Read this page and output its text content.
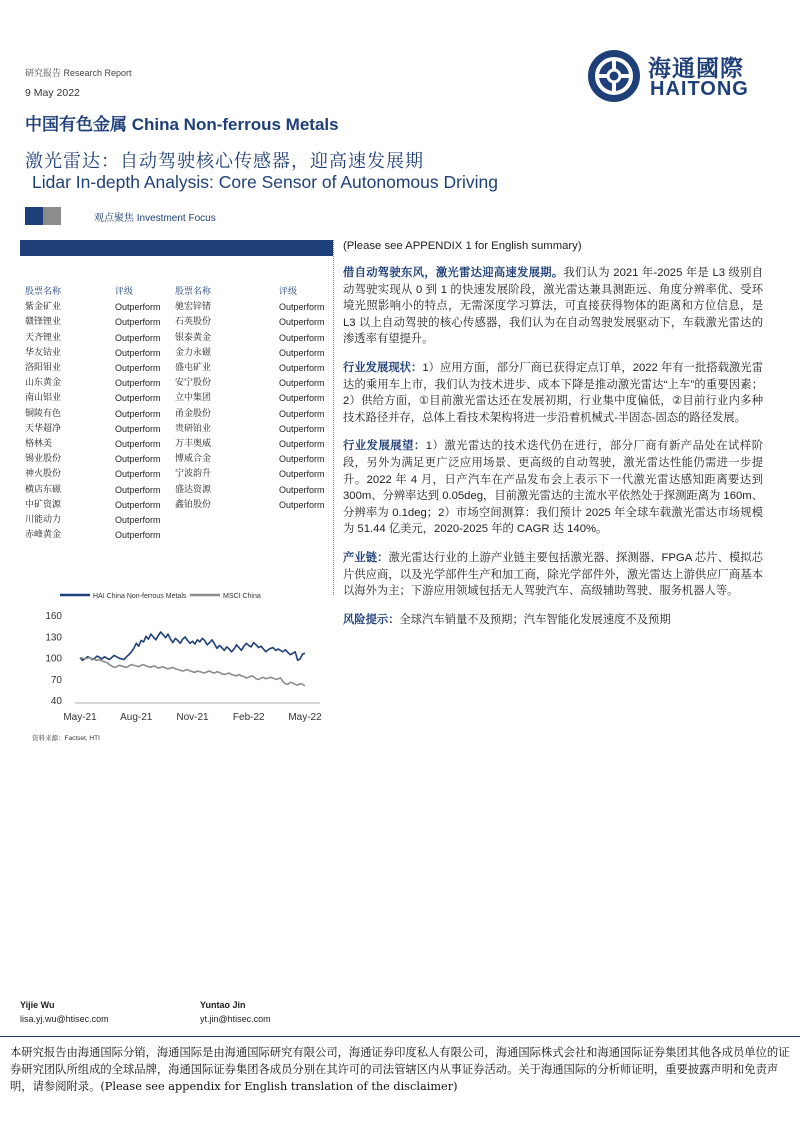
研究报告 Research Report
9 May 2022
中国有色金属 China Non-ferrous Metals
激光雷达：自动驾驶核心传感器，迎高速发展期
Lidar In-depth Analysis: Core Sensor of Autonomous Driving
海通國際
HAITONG
观点聚焦 Investment Focus
股票名称	评级
紫金矿业	Outperform
赣锋锂业	Outperform
天齐锂业	Outperform
华友钴业	Outperform
洛阳钼业	Outperform
山东黄金	Outperform
南山铝业	Outperform
铜陵有色	Outperform
天华超净	Outperform
格林美	Outperform
锡业股份	Outperform
神火股份	Outperform
横店东磁	Outperform
中矿资源	Outperform
川能动力	Outperform
赤峰黄金	Outperform
股票名称	评级
驰宏锌锗	Outperform
石英股份	Outperform
银泰黄金	Outperform
金力永磁	Outperform
盛屯矿业	Outperform
安宁股份	Outperform
立中集团	Outperform
甬金股份	Outperform
贵研铂业	Outperform
万丰奥威	Outperform
博威合金	Outperform
宁波韵升	Outperform
盛达资源	Outperform
鑫铂股份	Outperform
HAI China Non-ferrous Metals	MSCI China
160
130
100
70
40
May-21 Aug-21 Nov-21 Feb-22 May-22
资料来源：Factset, HTI
(Please see APPENDIX 1 for English summary)
借自动驾驶东风，激光雷达迎高速发展期。我们认为 2021 年-2025 年是 L3 级别自动驾驶实现从 0 到 1 的快速发展阶段，激光雷达兼具测距远、角度分辨率优、受环境光照影响小的特点，无需深度学习算法，可直接获得物体的距离和方位信息，是 L3 以上自动驾驶的核心传感器，我们认为在自动驾驶发展驱动下，车载激光雷达的渗透率有望提升。
行业发展现状：1）应用方面，部分厂商已获得定点订单，2022 年有一批搭载激光雷达的乘用车上市，我们认为技术进步、成本下降是推动激光雷达“上车”的重要因素；2）供给方面，①目前激光雷达还在发展初期，行业集中度偏低，②目前行业内多种技术路径并存，总体上看技术架构将进一步沿着机械式-半固态-固态的路径发展。
行业发展展望：1）激光雷达的技术迭代仍在进行，部分厂商有新产品处在试样阶段，另外为满足更广泛应用场景、更高级的自动驾驶，激光雷达性能仍需进一步提升。2022 年 4 月，日产汽车在产品发布会上表示下一代激光雷达感知距离要达到 300m、分辨率达到 0.05deg，目前激光雷达的主流水平依然处于探测距离为 160m、分辨率为 0.1deg；2）市场空间测算：我们预计 2025 年全球车载激光雷达市场规模为 51.44 亿美元，2020-2025 年的 CAGR 达 140%。
产业链：激光雷达行业的上游产业链主要包括激光器、探测器、FPGA 芯片、模拟芯片供应商，以及光学部件生产和加工商，除光学部件外，激光雷达上游供应厂商基本以海外为主；下游应用领域包括无人驾驶汽车、高级辅助驾驶、服务机器人等。
风险提示：全球汽车销量不及预期；汽车智能化发展速度不及预期
Yijie Wu
lisa.yj.wu@htisec.com
Yuntao Jin
yt.jin@htisec.com
本研究报告由海通国际分销，海通国际是由海通国际研究有限公司，海通证券印度私人有限公司，海通国际株式会社和海通国际证券集团其他各成员单位的证券研究团队所组成的全球品牌，海通国际证券集团各成员分别在其许可的司法管辖区内从事证券活动。关于海通国际的分析师证明，重要披露声明和免责声明，请参阅附录。(Please see appendix for English translation of the disclaimer)
